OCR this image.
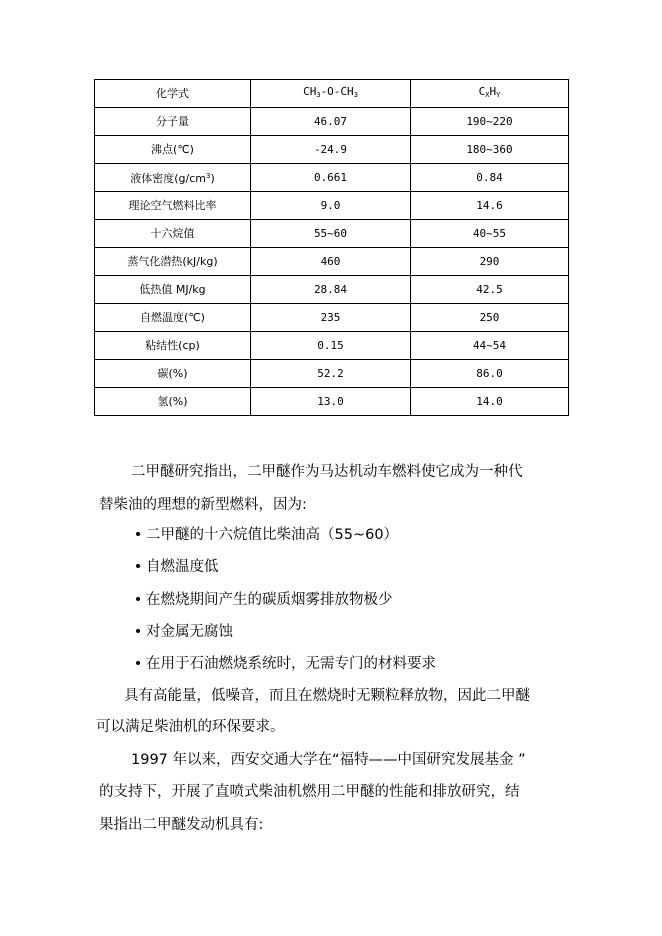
化学式	$CH_3-O-CH_3$	$C_XH_Y$
分子量	46.07	190~220
沸点(℃)	-24.9	180~360
液体密度$(g/cm^3)$	0.661	0.84
理论空气燃料比率	9.0	14.6
十六烷值	55~60	40~55
蒸气化潜热(kJ/kg)	460	290
低热值 MJ/kg	28.84	42.5
自燃温度(℃)	235	250
粘结性(cp)	0.15	44~54
碳(%)	52.2	86.0
氢(%)	13.0	14.0
二甲醚研究指出，二甲醚作为马达机动车燃料使它成为一种代
替柴油的理想的新型燃料，因为:
• 二甲醚的十六烷值比柴油高（55~60）
• 自燃温度低
• 在燃烧期间产生的碳质烟雾排放物极少
• 对金属无腐蚀
• 在用于石油燃烧系统时，无需专门的材料要求
具有高能量，低噪音，而且在燃烧时无颗粒释放物，因此二甲醚
可以满足柴油机的环保要求。
1997 年以来，西安交通大学在“福特——中国研究发展基金 ”
的支持下，开展了直喷式柴油机燃用二甲醚的性能和排放研究，结
果指出二甲醚发动机具有:
